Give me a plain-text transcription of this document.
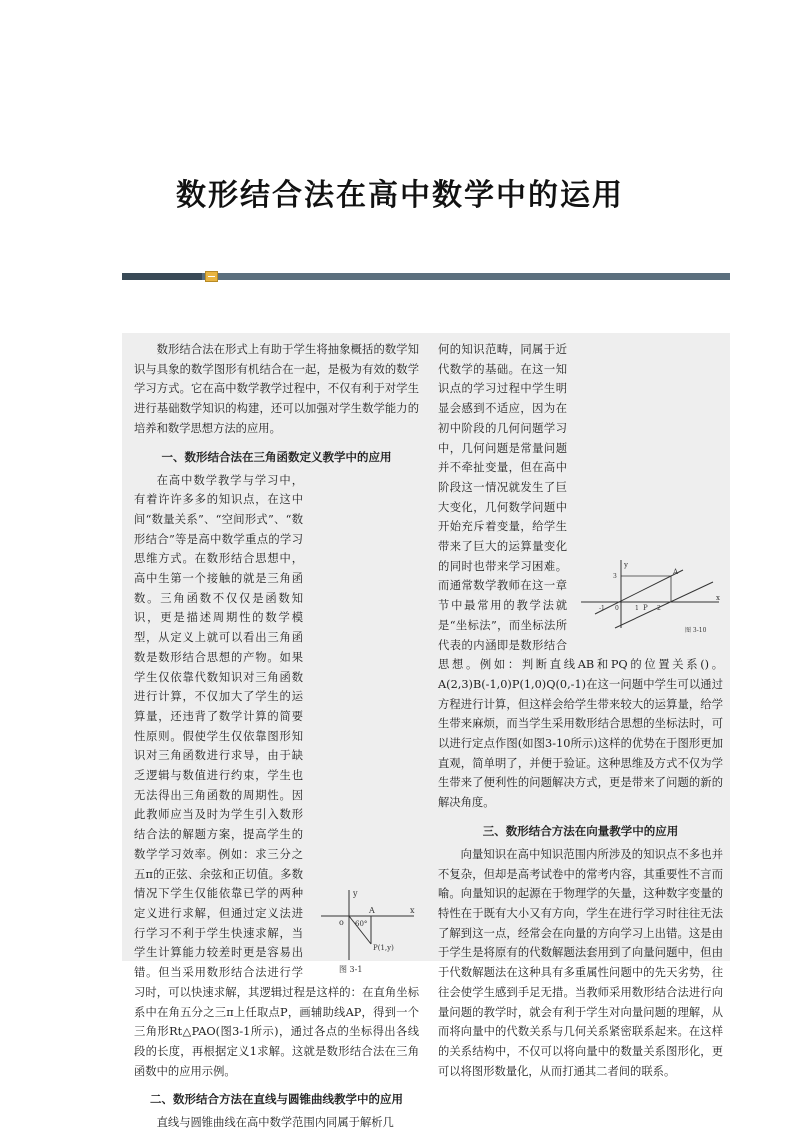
数形结合法在高中数学中的运用

数形结合法在形式上有助于学生将抽象概括的数学知识与具象的数学图形有机结合在一起，是极为有效的数学学习方式。它在高中数学教学过程中，不仅有利于对学生进行基础数学知识的构建，还可以加强对学生数学能力的培养和数学思想方法的应用。

一、数形结合法在三角函数定义教学中的应用
y
x
o
A
60°
P(1,y)
图 3-1

在高中数学教学与学习中，有着许许多多的知识点，在这中间“数量关系”、“空间形式”、“数形结合”等是高中数学重点的学习思维方式。在数形结合思想中，高中生第一个接触的就是三角函数。三角函数不仅仅是函数知识，更是描述周期性的数学模型，从定义上就可以看出三角函数是数形结合思想的产物。如果学生仅依靠代数知识对三角函数进行计算，不仅加大了学生的运算量，还违背了数学计算的简要性原则。假使学生仅依靠图形知识对三角函数进行求导，由于缺乏逻辑与数值进行约束，学生也无法得出三角函数的周期性。因此教师应当及时为学生引入数形结合法的解题方案，提高学生的数学学习效率。例如：求三分之五π的正弦、余弦和正切值。多数情况下学生仅能依靠已学的两种定义进行求解，但通过定义法进行学习不利于学生快速求解，当学生计算能力较差时更是容易出错。但当采用数形结合法进行学习时，可以快速求解，其逻辑过程是这样的：在直角坐标系中在角五分之三π上任取点P，画辅助线AP，得到一个三角形Rt△PAO(图3-1所示)，通过各点的坐标得出各线段的长度，再根据定义1求解。这就是数形结合法在三角函数中的应用示例。

二、数形结合方法在直线与圆锥曲线教学中的应用

直线与圆锥曲线在高中数学范围内同属于解析几

y
x
A
0	P
-1	1	2
3
图 3-10

何的知识范畴，同属于近代数学的基础。在这一知识点的学习过程中学生明显会感到不适应，因为在初中阶段的几何问题学习中，几何问题是常量问题并不牵扯变量，但在高中阶段这一情况就发生了巨大变化，几何数学问题中开始充斥着变量，给学生带来了巨大的运算量变化的同时也带来学习困难。而通常数学教师在这一章节中最常用的教学法就是“坐标法”，而坐标法所代表的内涵即是数形结合思想。例如：判断直线AB和PQ的位置关系()。A(2,3)B(-1,0)P(1,0)Q(0,-1)在这一问题中学生可以通过方程进行计算，但这样会给学生带来较大的运算量，给学生带来麻烦，而当学生采用数形结合思想的坐标法时，可以进行定点作图(如图3-10所示)这样的优势在于图形更加直观，简单明了，并便于验证。这种思维及方式不仅为学生带来了便利性的问题解决方式，更是带来了问题的新的解决角度。

三、数形结合方法在向量教学中的应用

向量知识在高中知识范围内所涉及的知识点不多也并不复杂，但却是高考试卷中的常考内容，其重要性不言而喻。向量知识的起源在于物理学的矢量，这种数字变量的特性在于既有大小又有方向，学生在进行学习时往往无法了解到这一点，经常会在向量的方向学习上出错。这是由于学生是将原有的代数解题法套用到了向量问题中，但由于代数解题法在这种具有多重属性问题中的先天劣势，往往会使学生感到手足无措。当教师采用数形结合法进行向量问题的教学时，就会有利于学生对向量问题的理解，从而将向量中的代数关系与几何关系紧密联系起来。在这样的关系结构中，不仅可以将向量中的数量关系图形化，更可以将图形数量化，从而打通其二者间的联系。
